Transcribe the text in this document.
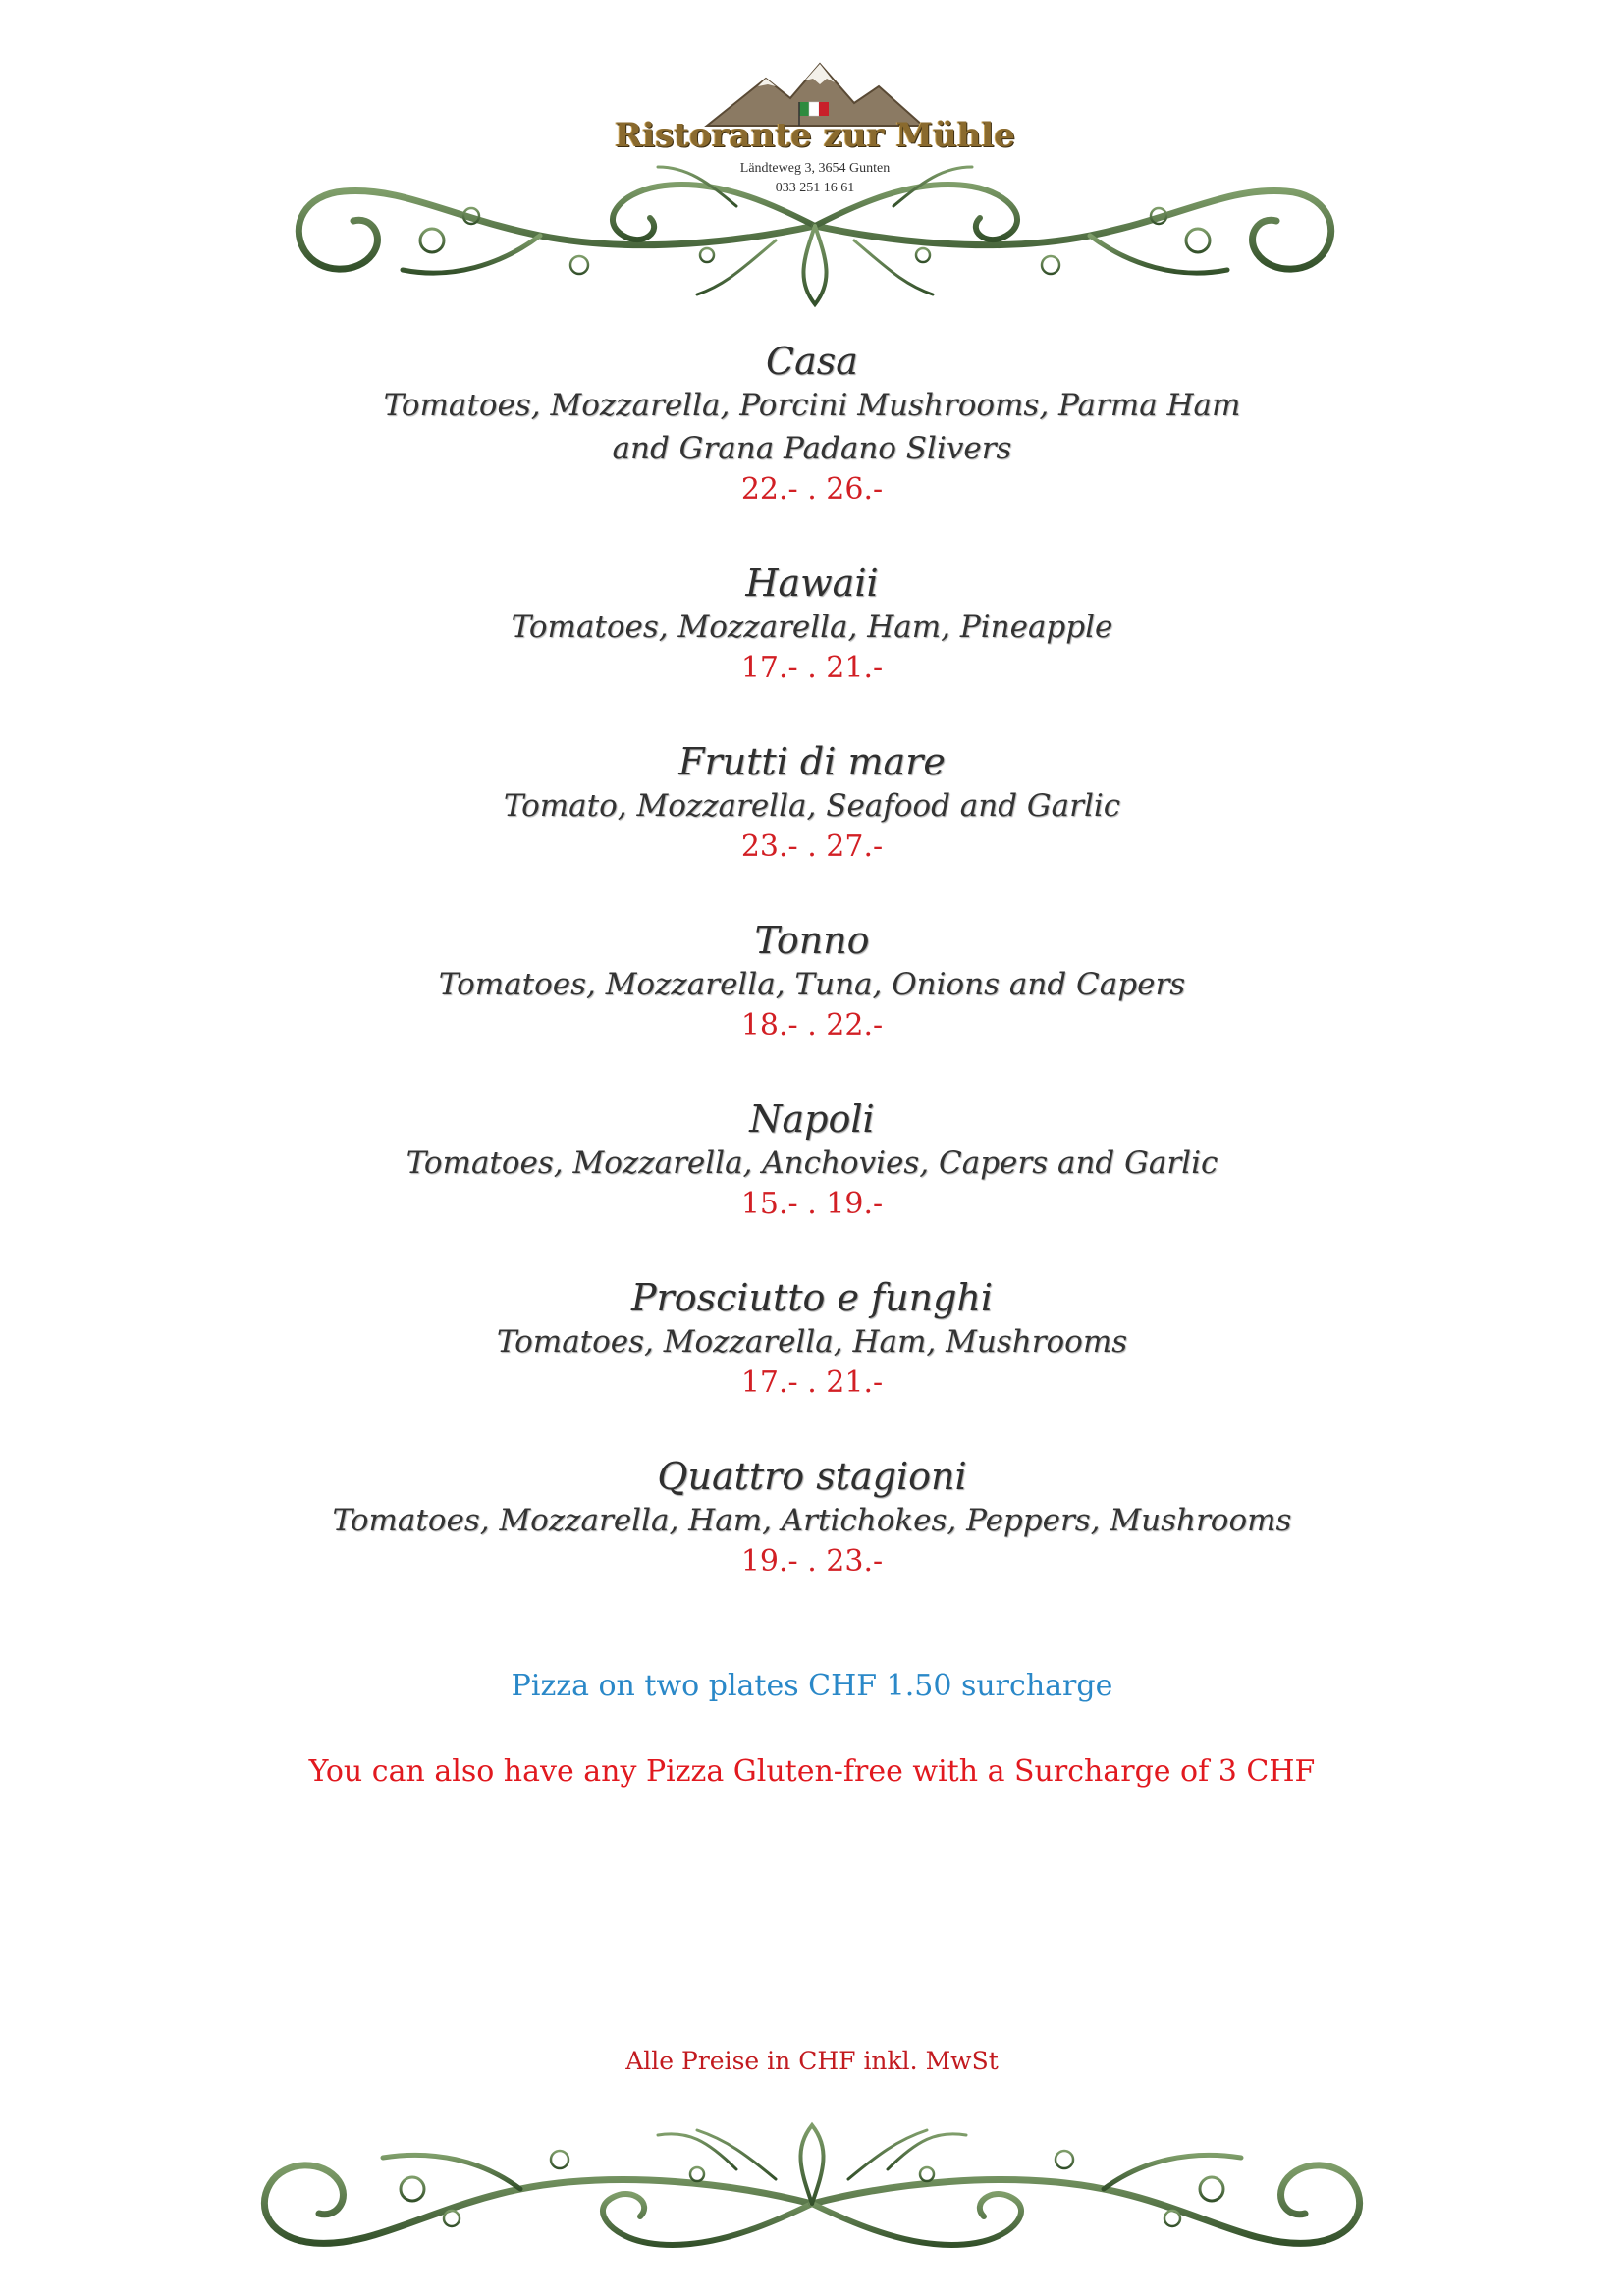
Ristorante zur Mühle
Ländteweg 3, 3654 Gunten
033 251 16 61
Casa
Tomatoes, Mozzarella, Porcini Mushrooms, Parma Ham
and Grana Padano Slivers
22.- . 26.-
Hawaii
Tomatoes, Mozzarella, Ham, Pineapple
17.- . 21.-
Frutti di mare
Tomato, Mozzarella, Seafood and Garlic
23.- . 27.-
Tonno
Tomatoes, Mozzarella, Tuna, Onions and Capers
18.- . 22.-
Napoli
Tomatoes, Mozzarella, Anchovies, Capers and Garlic
15.- . 19.-
Prosciutto e funghi
Tomatoes, Mozzarella, Ham, Mushrooms
17.- . 21.-
Quattro stagioni
Tomatoes, Mozzarella, Ham, Artichokes, Peppers, Mushrooms
19.- . 23.-
Pizza on two plates CHF 1.50 surcharge
You can also have any Pizza Gluten-free with a Surcharge of 3 CHF
Alle Preise in CHF inkl. MwSt
